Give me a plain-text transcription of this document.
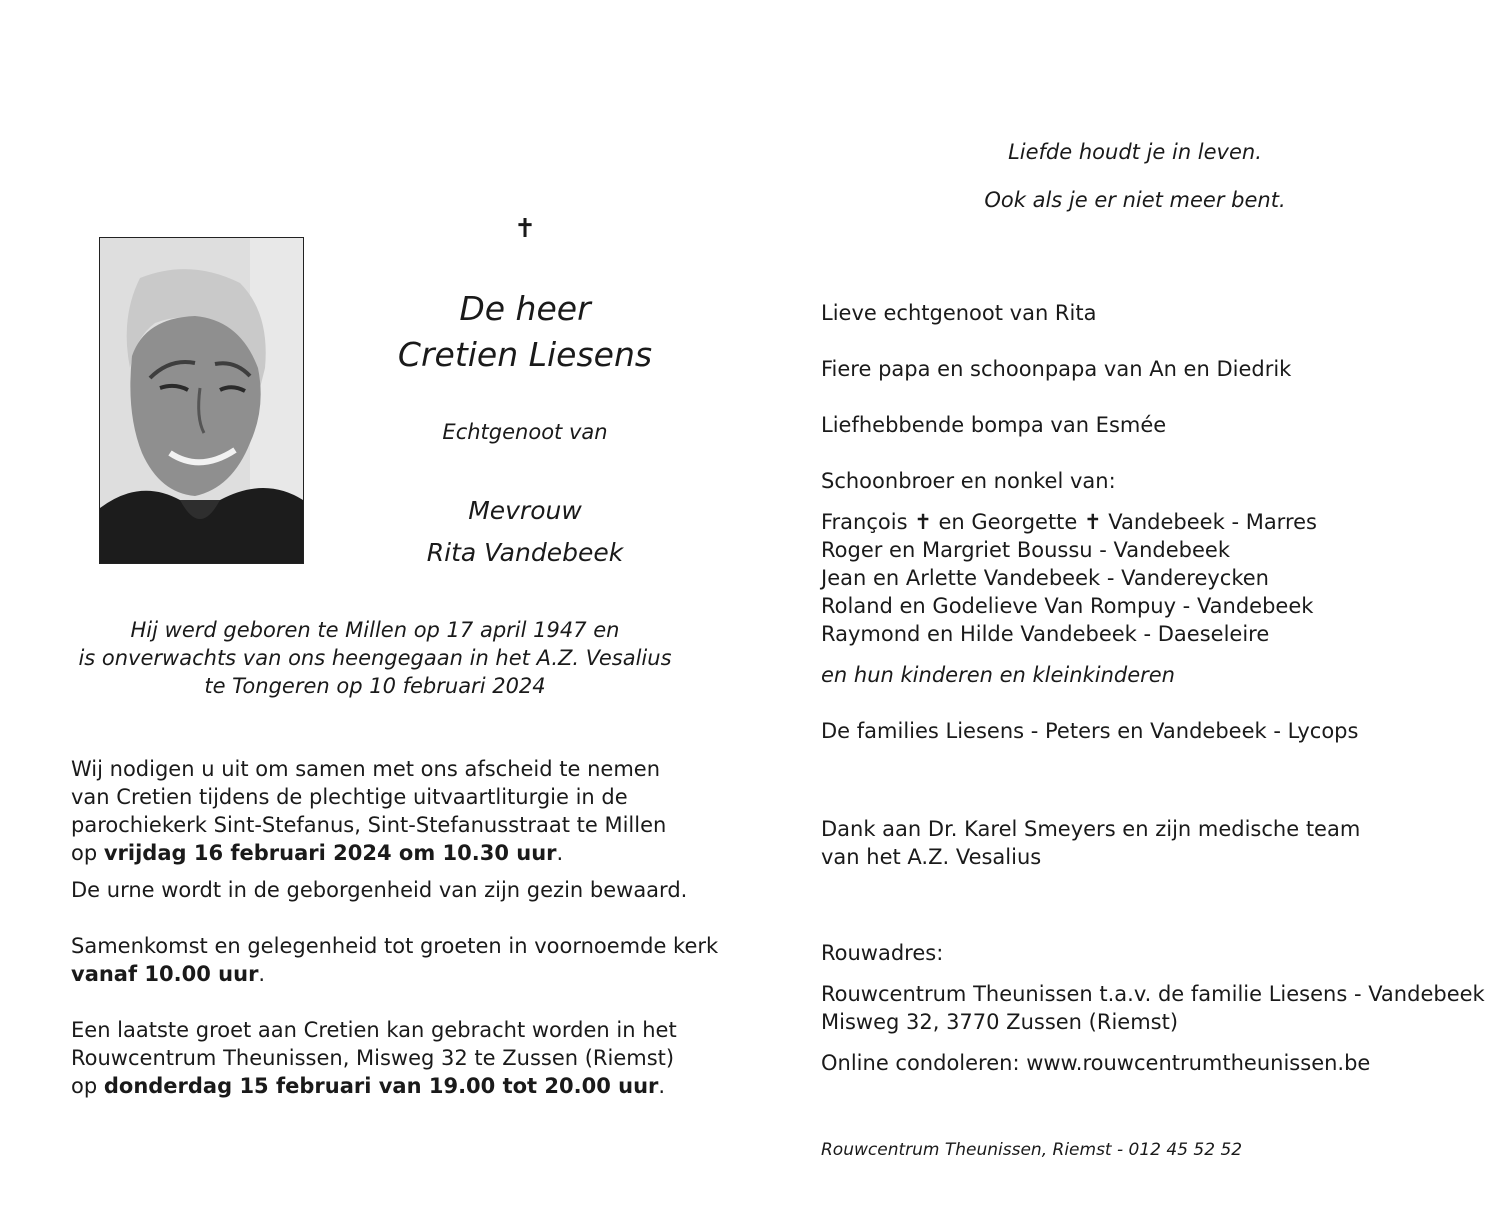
✝
De heer
Cretien Liesens
Echtgenoot van
Mevrouw
Rita Vandebeek
Hij werd geboren te Millen op 17 april 1947 en
is onverwachts van ons heengegaan in het A.Z. Vesalius
te Tongeren op 10 februari 2024

Wij nodigen u uit om samen met ons afscheid te nemen
van Cretien tijdens de plechtige uitvaartliturgie in de
parochiekerk Sint-Stefanus, Sint-Stefanusstraat te Millen
op vrijdag 16 februari 2024 om 10.30 uur.

De urne wordt in de geborgenheid van zijn gezin bewaard.

Samenkomst en gelegenheid tot groeten in voornoemde kerk
vanaf 10.00 uur.

Een laatste groet aan Cretien kan gebracht worden in het
Rouwcentrum Theunissen, Misweg 32 te Zussen (Riemst)
op donderdag 15 februari van 19.00 tot 20.00 uur.

Liefde houdt je in leven.
Ook als je er niet meer bent.

Lieve echtgenoot van Rita

Fiere papa en schoonpapa van An en Diedrik

Liefhebbende bompa van Esmée

Schoonbroer en nonkel van:

François ✝ en Georgette ✝ Vandebeek - Marres
Roger en Margriet Boussu - Vandebeek
Jean en Arlette Vandebeek - Vandereycken
Roland en Godelieve Van Rompuy - Vandebeek
Raymond en Hilde Vandebeek - Daeseleire

en hun kinderen en kleinkinderen

De families Liesens - Peters en Vandebeek - Lycops

Dank aan Dr. Karel Smeyers en zijn medische team
van het A.Z. Vesalius

Rouwadres:

Rouwcentrum Theunissen t.a.v. de familie Liesens - Vandebeek
Misweg 32, 3770 Zussen (Riemst)

Online condoleren: www.rouwcentrumtheunissen.be

Rouwcentrum Theunissen, Riemst - 012 45 52 52
